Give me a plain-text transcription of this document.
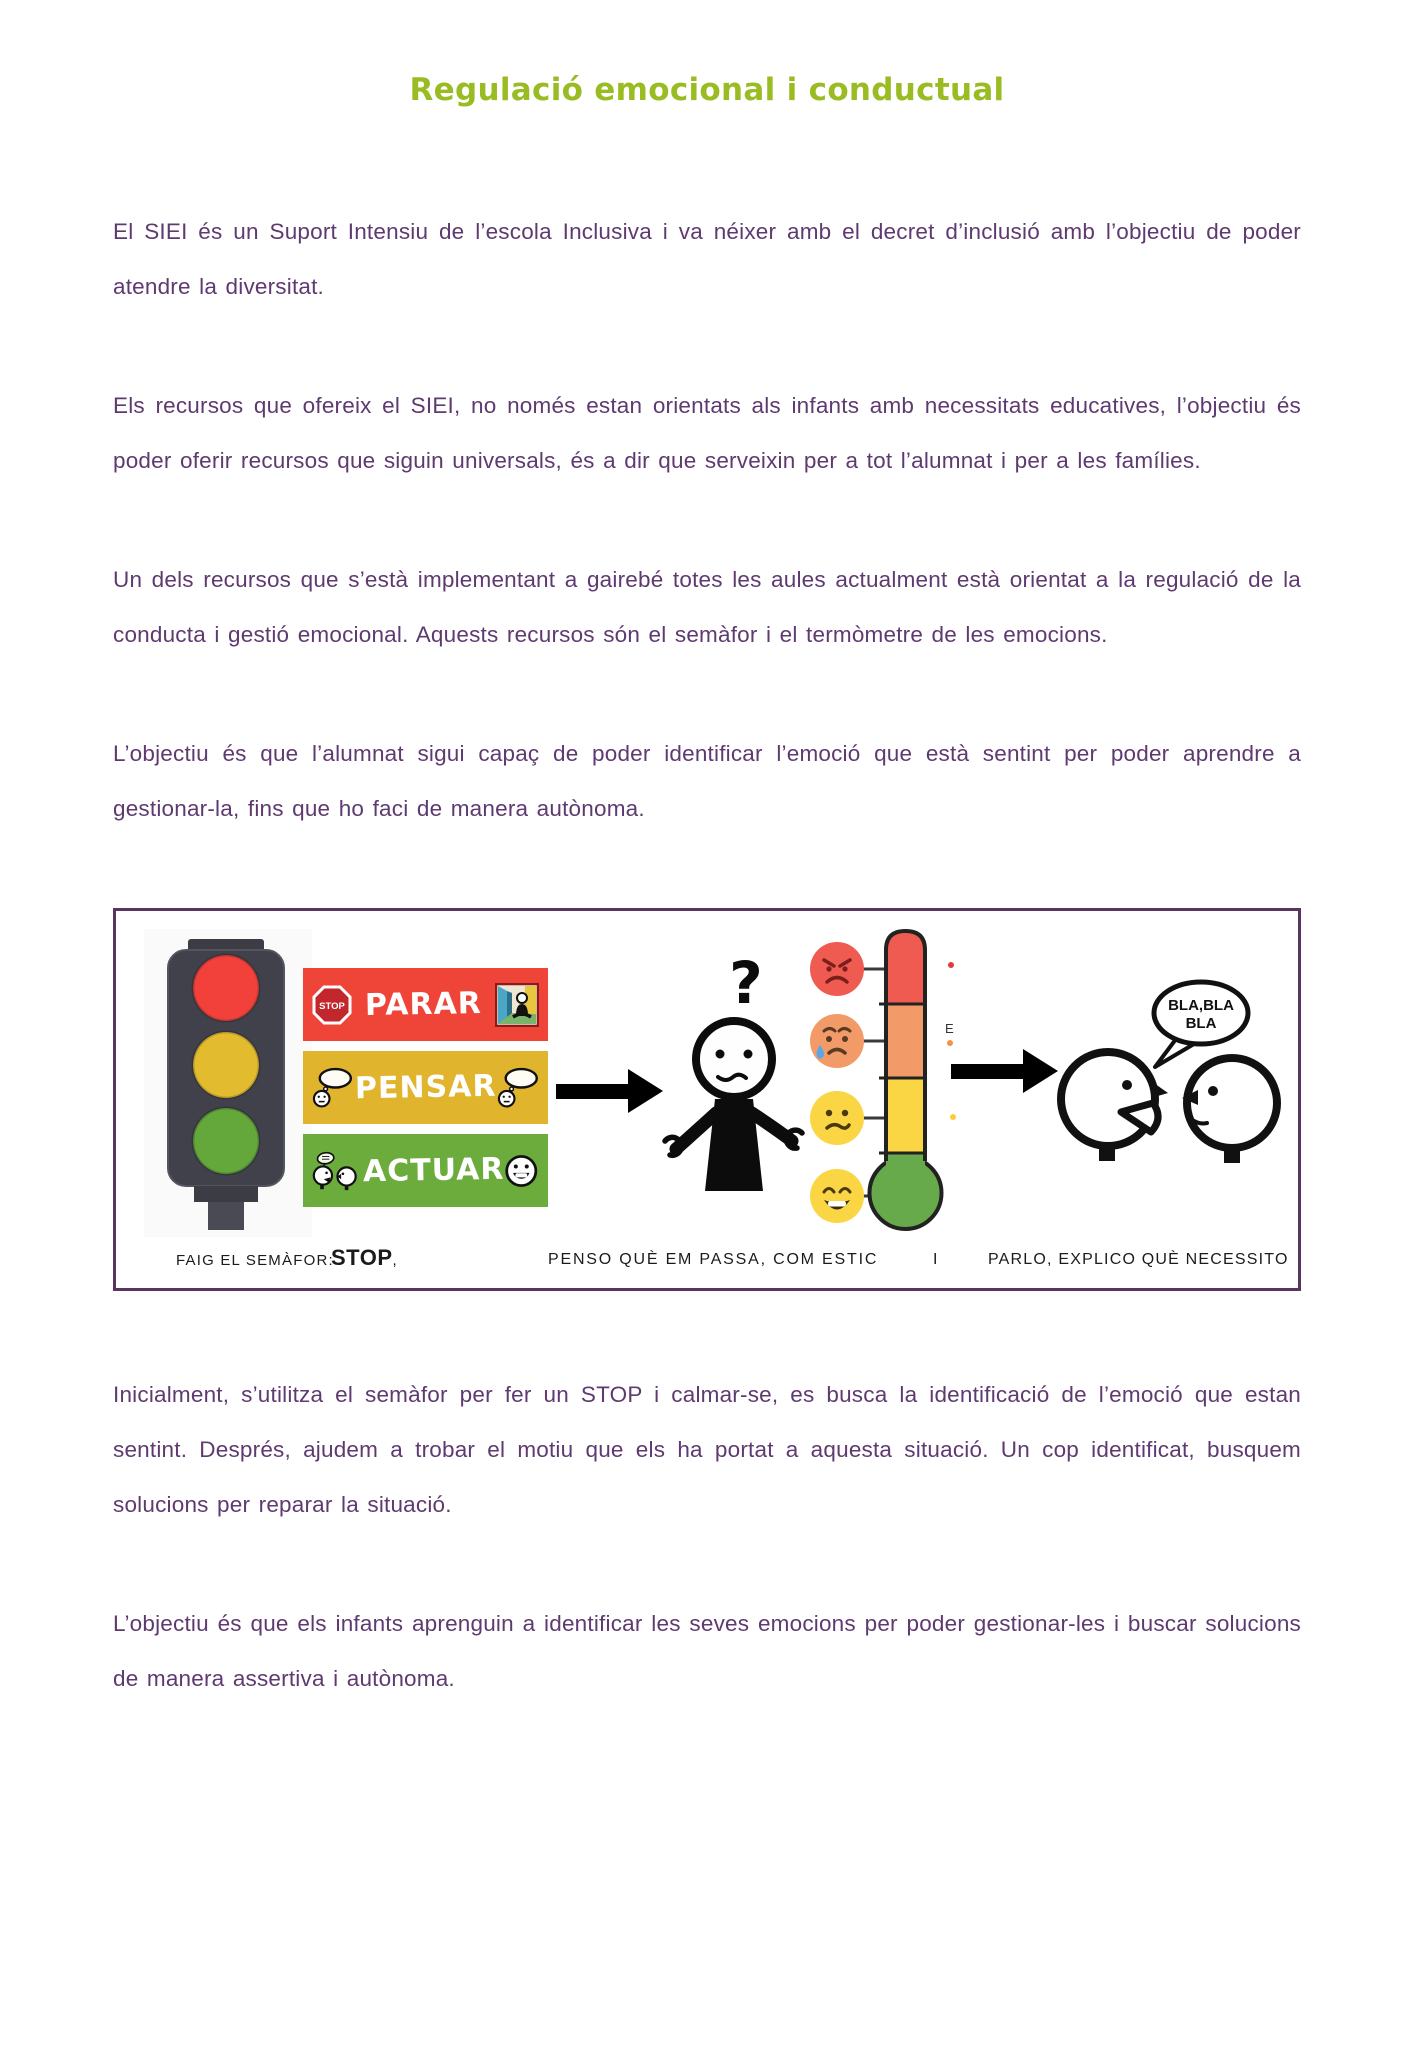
Regulació emocional i conductual

El SIEI és un Suport Intensiu de l’escola Inclusiva i va néixer amb el decret d’inclusió amb l’objectiu de poder atendre la diversitat.

Els recursos que ofereix el SIEI, no només estan orientats als infants amb necessitats educatives, l’objectiu és poder oferir recursos que siguin universals, és a dir que serveixin per a tot l’alumnat i per a les famílies.

Un dels recursos que s’està implementant a gairebé totes les aules actualment està orientat a la regulació de la conducta i gestió emocional. Aquests recursos són el semàfor i el termòmetre de les emocions.

L’objectiu és que l’alumnat sigui capaç de poder identificar l’emoció que està sentint per poder aprendre a gestionar-la, fins que ho faci de manera autònoma.

STOP PARAR
PENSAR
ACTUAR
?
E
BLA,BLA
BLA
FAIG EL SEMÀFOR:
STOP,	PENSO QUÈ EM PASSA, COM ESTIC	I	PARLO, EXPLICO QUÈ NECESSITO

Inicialment, s’utilitza el semàfor per fer un STOP i calmar-se, es busca la identificació de l’emoció que estan sentint. Després, ajudem a trobar el motiu que els ha portat a aquesta situació. Un cop identificat, busquem solucions per reparar la situació.

L’objectiu és que els infants aprenguin a identificar les seves emocions per poder gestionar-les i buscar solucions de manera assertiva i autònoma.
